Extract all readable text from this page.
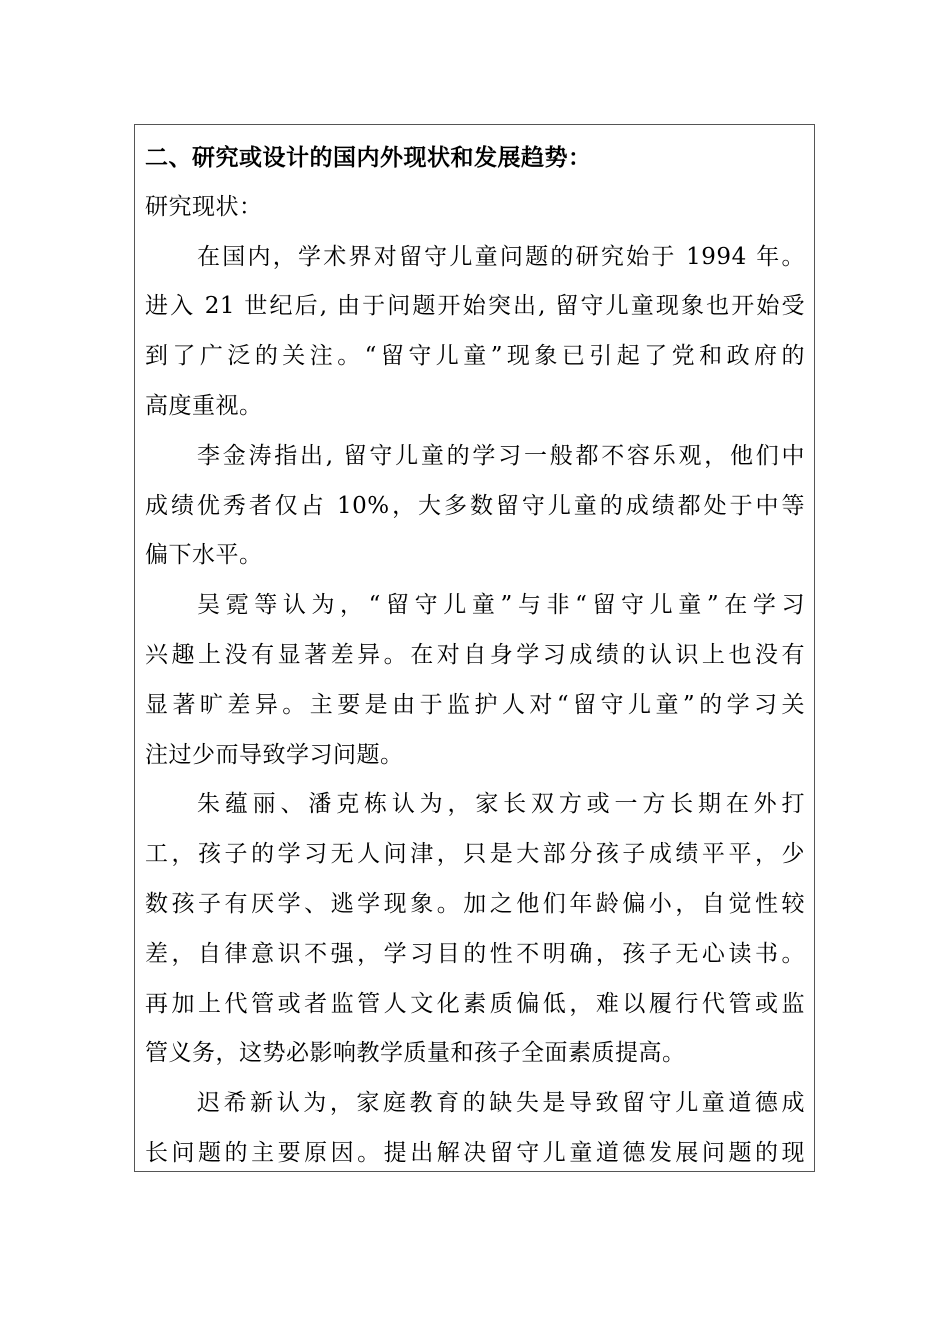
二、研究或设计的国内外现状和发展趋势：
研究现状：
在国内，学术界对留守儿童问题的研究始于 1994 年。
进入 21 世纪后, 由于问题开始突出, 留守儿童现象也开始受
到了广泛的关注。“留守儿童”现象已引起了党和政府的
高度重视。
李金涛指出, 留守儿童的学习一般都不容乐观，他们中
成绩优秀者仅占 10%，大多数留守儿童的成绩都处于中等
偏下水平。
吴霓等认为，“留守儿童”与非“留守儿童”在学习
兴趣上没有显著差异。在对自身学习成绩的认识上也没有
显著旷差异。主要是由于监护人对“留守儿童”的学习关
注过少而导致学习问题。
朱蕴丽、潘克栋认为，家长双方或一方长期在外打
工，孩子的学习无人问津，只是大部分孩子成绩平平，少
数孩子有厌学、逃学现象。加之他们年龄偏小，自觉性较
差，自律意识不强，学习目的性不明确，孩子无心读书。
再加上代管或者监管人文化素质偏低，难以履行代管或监
管义务，这势必影响教学质量和孩子全面素质提高。
迟希新认为，家庭教育的缺失是导致留守儿童道德成
长问题的主要原因。提出解决留守儿童道德发展问题的现
